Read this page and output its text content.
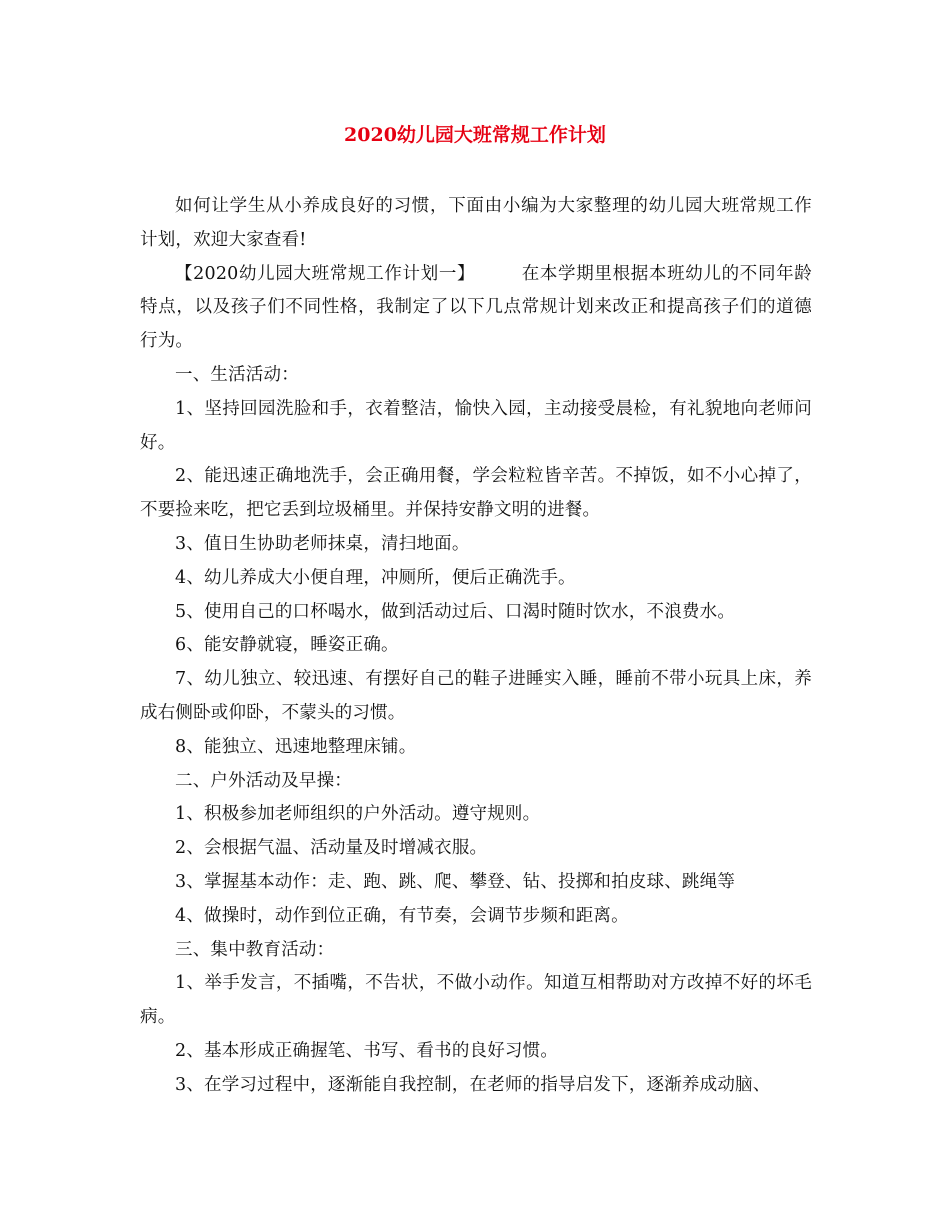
2020幼儿园大班常规工作计划

如何让学生从小养成良好的习惯，下面由小编为大家整理的幼儿园大班常规工作计划，欢迎大家查看!

【2020幼儿园大班常规工作计划一】	在本学期里根据本班幼儿的不同年龄特点，以及孩子们不同性格，我制定了以下几点常规计划来改正和提高孩子们的道德行为。

一、生活活动：

1、坚持回园洗脸和手，衣着整洁，愉快入园，主动接受晨检，有礼貌地向老师问好。

2、能迅速正确地洗手，会正确用餐，学会粒粒皆辛苦。不掉饭，如不小心掉了，不要捡来吃，把它丢到垃圾桶里。并保持安静文明的进餐。

3、值日生协助老师抹桌，清扫地面。

4、幼儿养成大小便自理，冲厕所，便后正确洗手。

5、使用自己的口杯喝水，做到活动过后、口渴时随时饮水，不浪费水。

6、能安静就寝，睡姿正确。

7、幼儿独立、较迅速、有摆好自己的鞋子进睡实入睡，睡前不带小玩具上床，养成右侧卧或仰卧，不蒙头的习惯。

8、能独立、迅速地整理床铺。

二、户外活动及早操：

1、积极参加老师组织的户外活动。遵守规则。

2、会根据气温、活动量及时增减衣服。

3、掌握基本动作：走、跑、跳、爬、攀登、钻、投掷和拍皮球、跳绳等

4、做操时，动作到位正确，有节奏，会调节步频和距离。

三、集中教育活动：

1、举手发言，不插嘴，不告状，不做小动作。知道互相帮助对方改掉不好的坏毛病。

2、基本形成正确握笔、书写、看书的良好习惯。

3、在学习过程中，逐渐能自我控制，在老师的指导启发下，逐渐养成动脑、
